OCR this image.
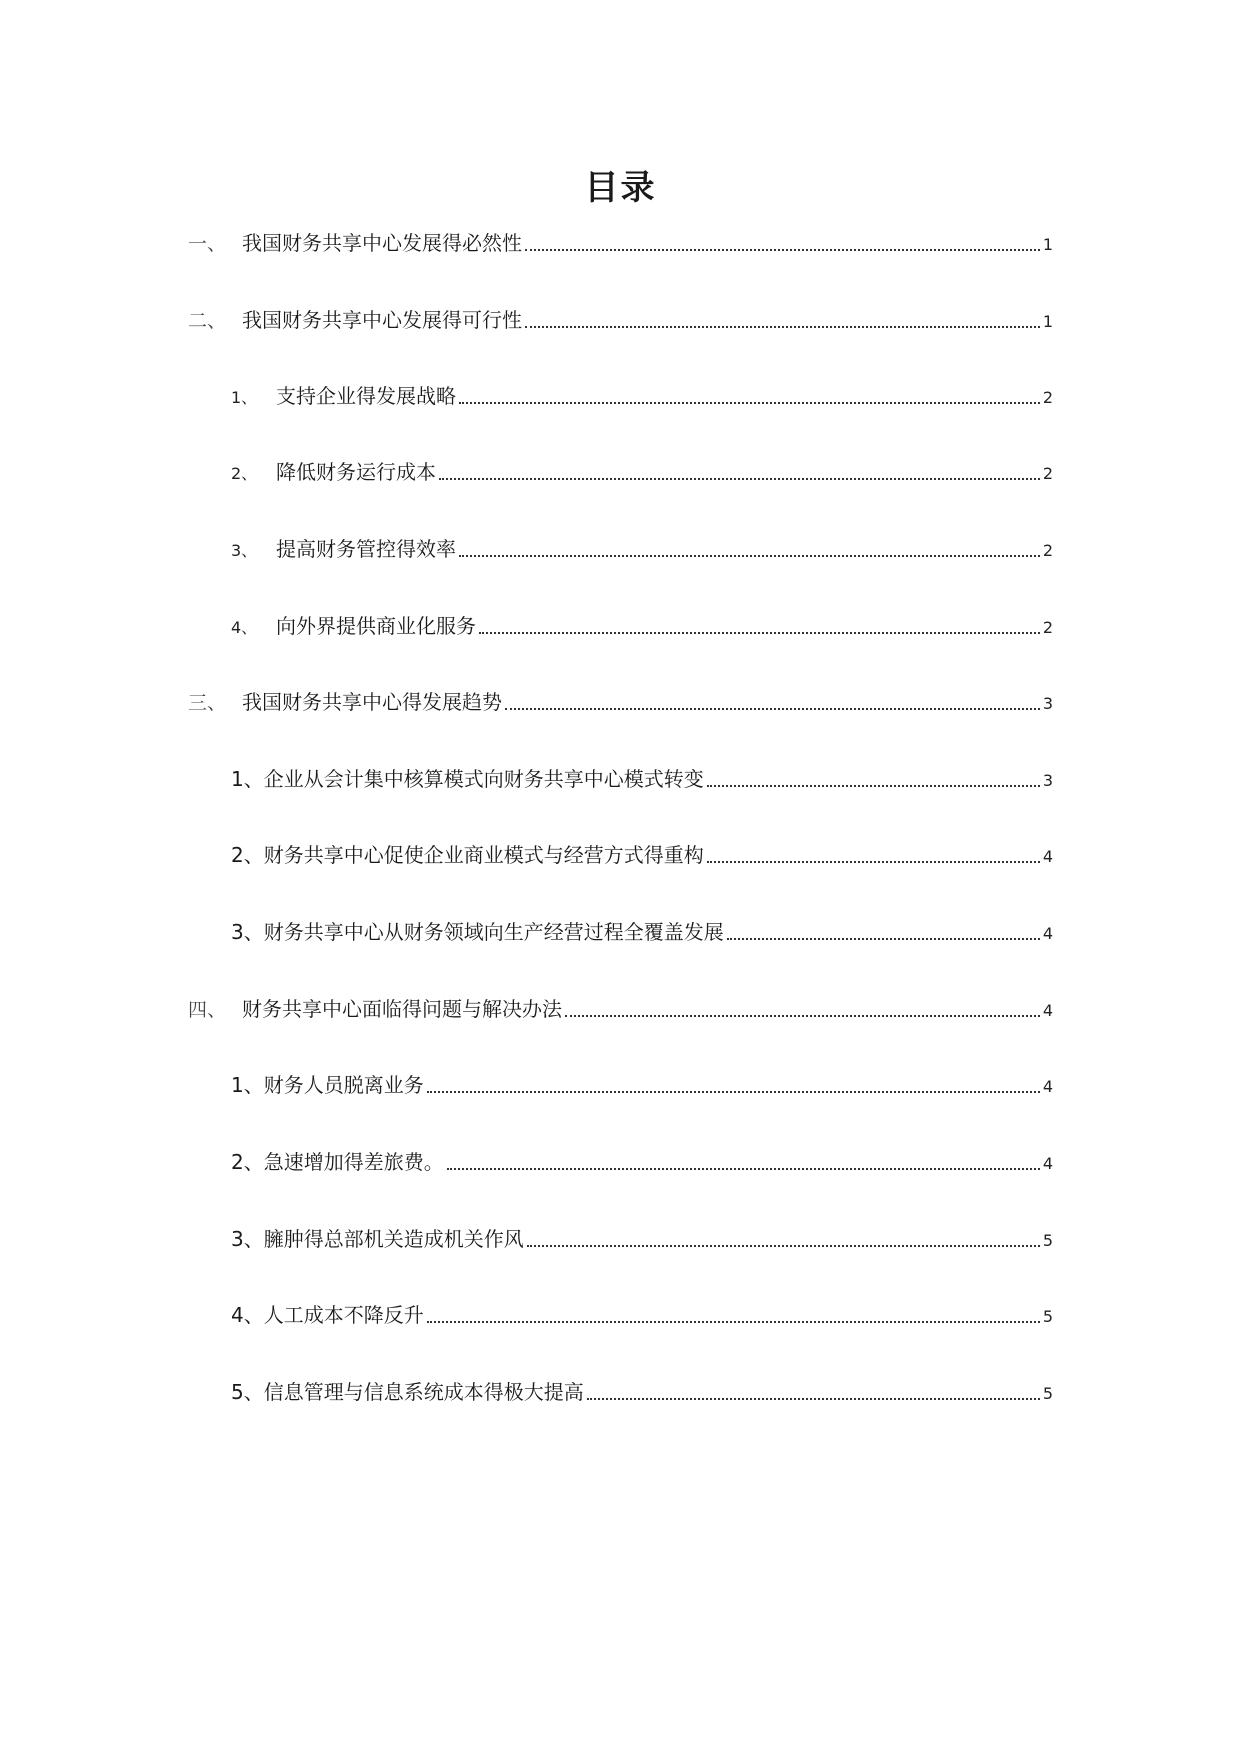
目录
一、 我国财务共享中心发展得必然性	1
二、 我国财务共享中心发展得可行性	1
1、 支持企业得发展战略	2
2、 降低财务运行成本	2
3、 提高财务管控得效率	2
4、 向外界提供商业化服务	2
三、 我国财务共享中心得发展趋势	3
1、 企业从会计集中核算模式向财务共享中心模式转变	3
2、 财务共享中心促使企业商业模式与经营方式得重构	4
3、 财务共享中心从财务领域向生产经营过程全覆盖发展	4
四、 财务共享中心面临得问题与解决办法	4
1、 财务人员脱离业务	4
2、 急速增加得差旅费。	4
3、 臃肿得总部机关造成机关作风	5
4、 人工成本不降反升	5
5、 信息管理与信息系统成本得极大提高	5
